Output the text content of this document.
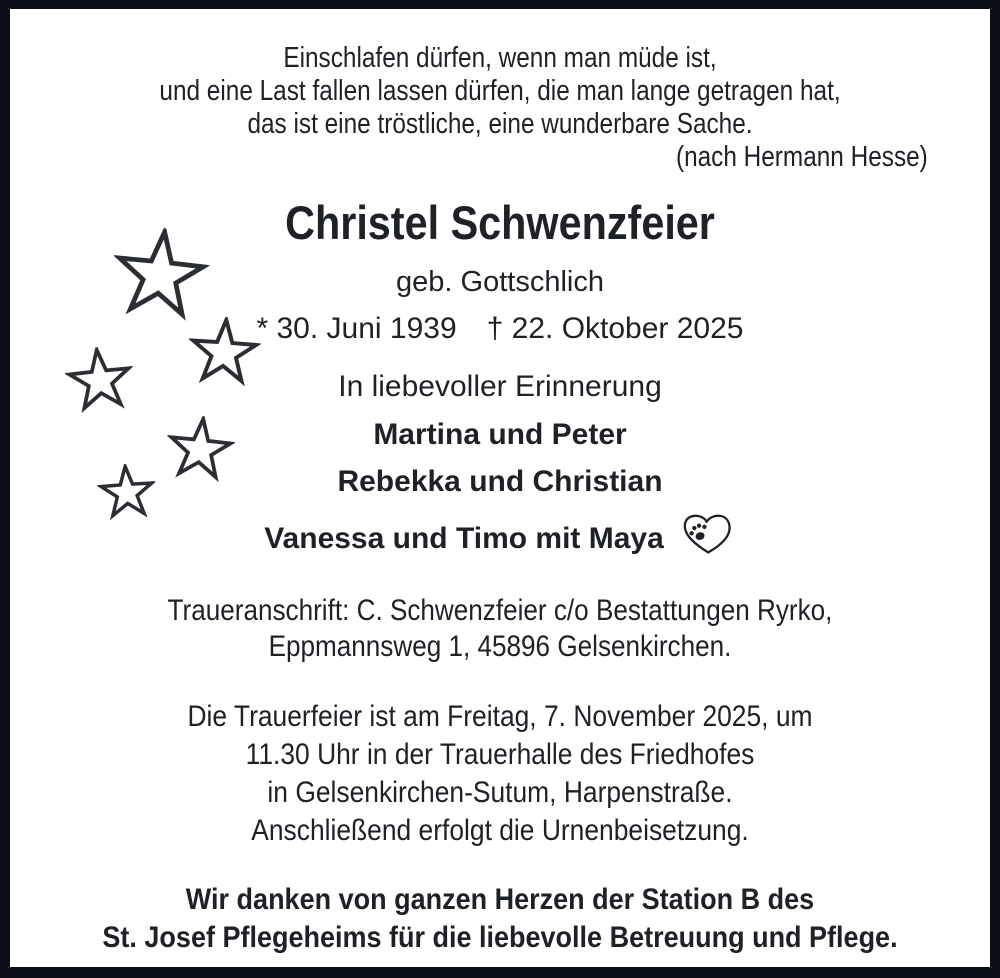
Einschlafen dürfen, wenn man müde ist,
und eine Last fallen lassen dürfen, die man lange getragen hat,
das ist eine tröstliche, eine wunderbare Sache.
(nach Hermann Hesse)
Christel Schwenzfeier
geb. Gottschlich
* 30. Juni 1939 † 22. Oktober 2025
In liebevoller Erinnerung
Martina und Peter
Rebekka und Christian
Vanessa und Timo mit Maya
Traueranschrift: C. Schwenzfeier c/o Bestattungen Ryrko,
Eppmannsweg 1, 45896 Gelsenkirchen.
Die Trauerfeier ist am Freitag, 7. November 2025, um
11.30 Uhr in der Trauerhalle des Friedhofes
in Gelsenkirchen-Sutum, Harpenstraße.
Anschließend erfolgt die Urnenbeisetzung.
Wir danken von ganzen Herzen der Station B des
St. Josef Pflegeheims für die liebevolle Betreuung und Pflege.
